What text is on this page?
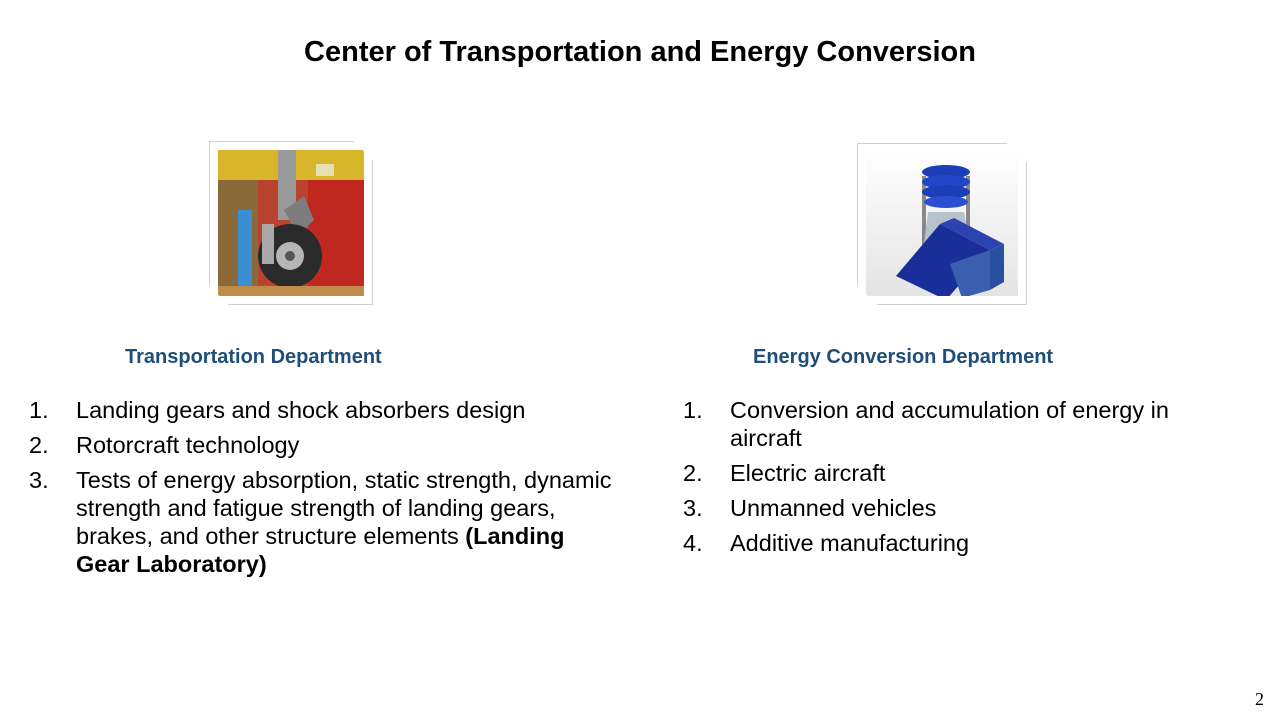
Center of Transportation and Energy Conversion
Transportation Department	Energy Conversion Department
1. Landing gears and shock absorbers design
2. Rotorcraft technology
3. Tests of energy absorption, static strength, dynamic strength and fatigue strength of landing gears, brakes, and other structure elements (Landing Gear Laboratory)
1. Conversion and accumulation of energy in aircraft
2. Electric aircraft
3. Unmanned vehicles
4. Additive manufacturing
2
